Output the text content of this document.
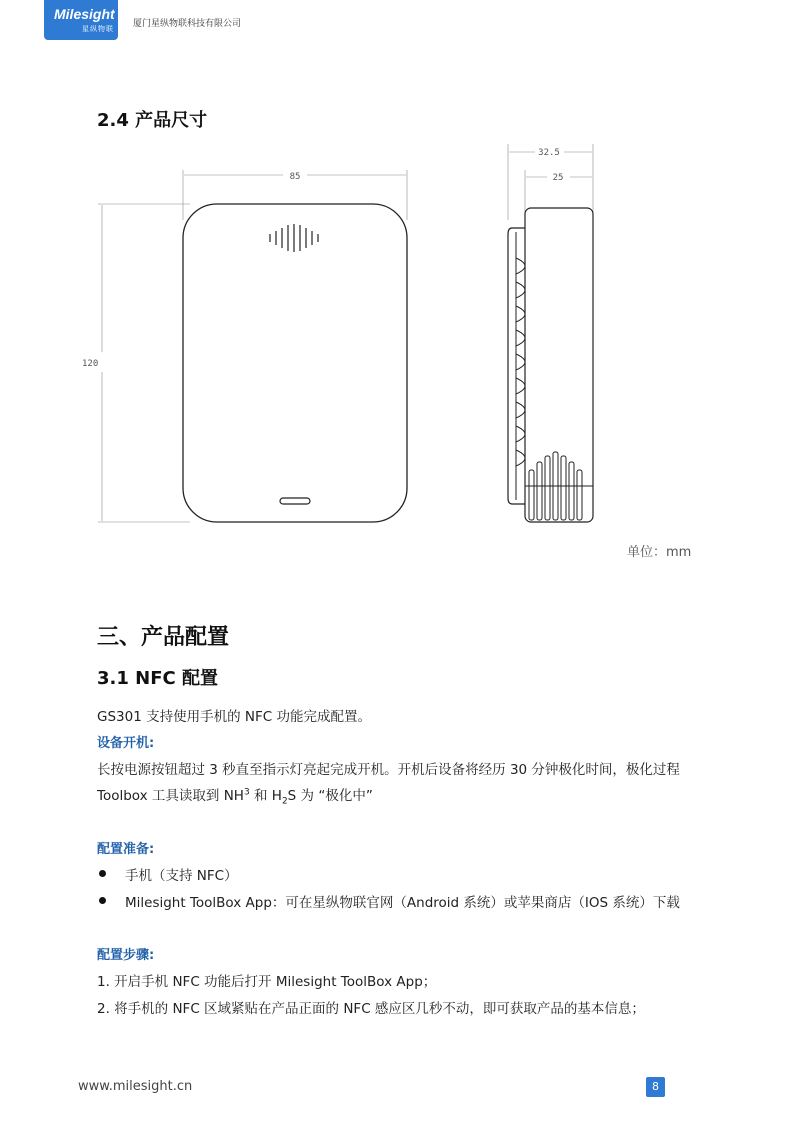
Milesight
星纵物联 厦门星纵物联科技有限公司
2.4 产品尺寸
85
120
32.5
25
单位：mm
三、产品配置
3.1 NFC 配置
GS301 支持使用手机的 NFC 功能完成配置。
设备开机:
长按电源按钮超过 3 秒直至指示灯亮起完成开机。开机后设备将经历 30 分钟极化时间，极化过程
Toolbox 工具读取到 $NH^3$ 和 $H_2S$ 为 “极化中”
配置准备:
手机（支持 NFC）
Milesight ToolBox App：可在星纵物联官网（Android 系统）或苹果商店（IOS 系统）下载
配置步骤:
1. 开启手机 NFC 功能后打开 Milesight ToolBox App；
2. 将手机的 NFC 区域紧贴在产品正面的 NFC 感应区几秒不动，即可获取产品的基本信息；
www.milesight.cn	8
